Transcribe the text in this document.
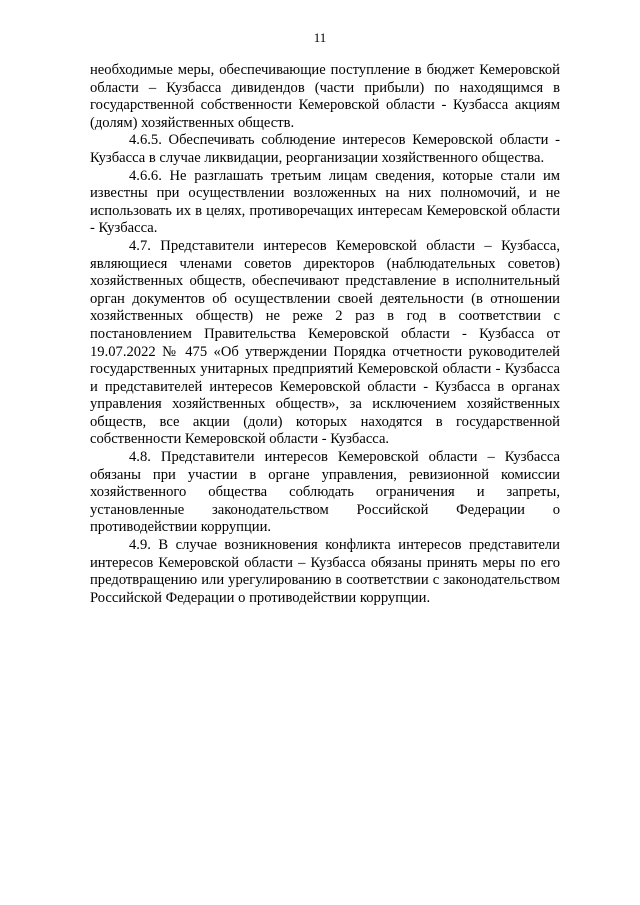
11

необходимые меры, обеспечивающие поступление в бюджет Кемеровской области – Кузбасса дивидендов (части прибыли) по находящимся в государственной собственности Кемеровской области - Кузбасса акциям (долям) хозяйственных обществ.

4.6.5. Обеспечивать соблюдение интересов Кемеровской области - Кузбасса в случае ликвидации, реорганизации хозяйственного общества.

4.6.6. Не разглашать третьим лицам сведения, которые стали им известны при осуществлении возложенных на них полномочий, и не использовать их в целях, противоречащих интересам Кемеровской области - Кузбасса.

4.7. Представители интересов Кемеровской области – Кузбасса, являющиеся членами советов директоров (наблюдательных советов) хозяйственных обществ, обеспечивают представление в исполнительный орган документов об осуществлении своей деятельности (в отношении хозяйственных обществ) не реже 2 раз в год в соответствии с постановлением Правительства Кемеровской области - Кузбасса от 19.07.2022 № 475 «Об утверждении Порядка отчетности руководителей государственных унитарных предприятий Кемеровской области - Кузбасса и представителей интересов Кемеровской области - Кузбасса в органах управления хозяйственных обществ», за исключением хозяйственных обществ, все акции (доли) которых находятся в государственной собственности Кемеровской области - Кузбасса.

4.8. Представители интересов Кемеровской области – Кузбасса обязаны при участии в органе управления, ревизионной комиссии хозяйственного общества соблюдать ограничения и запреты, установленные законодательством Российской Федерации о противодействии коррупции.

4.9. В случае возникновения конфликта интересов представители интересов Кемеровской области – Кузбасса обязаны принять меры по его предотвращению или урегулированию в соответствии с законодательством Российской Федерации о противодействии коррупции.
